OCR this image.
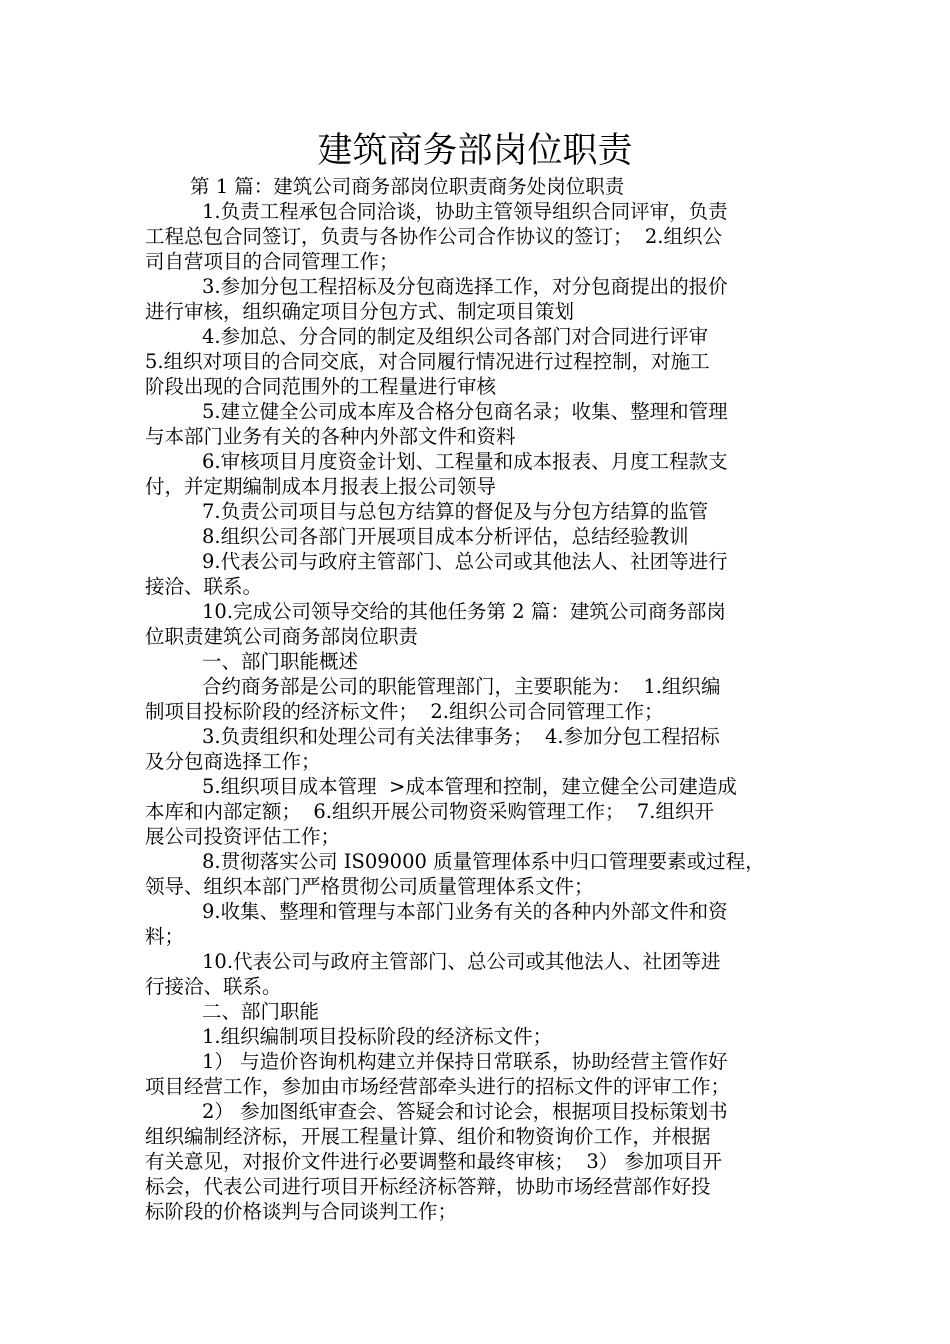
建筑商务部岗位职责
第 1 篇：建筑公司商务部岗位职责商务处岗位职责
1.负责工程承包合同洽谈，协助主管领导组织合同评审，负责
工程总包合同签订，负责与各协作公司合作协议的签订；  2.组织公
司自营项目的合同管理工作；
3.参加分包工程招标及分包商选择工作，对分包商提出的报价
进行审核，组织确定项目分包方式、制定项目策划
4.参加总、分合同的制定及组织公司各部门对合同进行评审
5.组织对项目的合同交底，对合同履行情况进行过程控制，对施工
阶段出现的合同范围外的工程量进行审核
5.建立健全公司成本库及合格分包商名录；收集、整理和管理
与本部门业务有关的各种内外部文件和资料
6.审核项目月度资金计划、工程量和成本报表、月度工程款支
付，并定期编制成本月报表上报公司领导
7.负责公司项目与总包方结算的督促及与分包方结算的监管
8.组织公司各部门开展项目成本分析评估，总结经验教训
9.代表公司与政府主管部门、总公司或其他法人、社团等进行
接洽、联系。
10.完成公司领导交给的其他任务第 2 篇：建筑公司商务部岗
位职责建筑公司商务部岗位职责
一、部门职能概述
合约商务部是公司的职能管理部门，主要职能为：  1.组织编
制项目投标阶段的经济标文件；  2.组织公司合同管理工作；
3.负责组织和处理公司有关法律事务；  4.参加分包工程招标
及分包商选择工作；
5.组织项目成本管理  >成本管理和控制，建立健全公司建造成
本库和内部定额；  6.组织开展公司物资采购管理工作；  7.组织开
展公司投资评估工作；
8.贯彻落实公司 IS09000 质量管理体系中归口管理要素或过程，
领导、组织本部门严格贯彻公司质量管理体系文件；
9.收集、整理和管理与本部门业务有关的各种内外部文件和资
料；
10.代表公司与政府主管部门、总公司或其他法人、社团等进
行接洽、联系。
二、部门职能
1.组织编制项目投标阶段的经济标文件；
1） 与造价咨询机构建立并保持日常联系，协助经营主管作好
项目经营工作，参加由市场经营部牵头进行的招标文件的评审工作；
2） 参加图纸审查会、答疑会和讨论会，根据项目投标策划书
组织编制经济标，开展工程量计算、组价和物资询价工作，并根据
有关意见，对报价文件进行必要调整和最终审核；  3） 参加项目开
标会，代表公司进行项目开标经济标答辩，协助市场经营部作好投
标阶段的价格谈判与合同谈判工作；
